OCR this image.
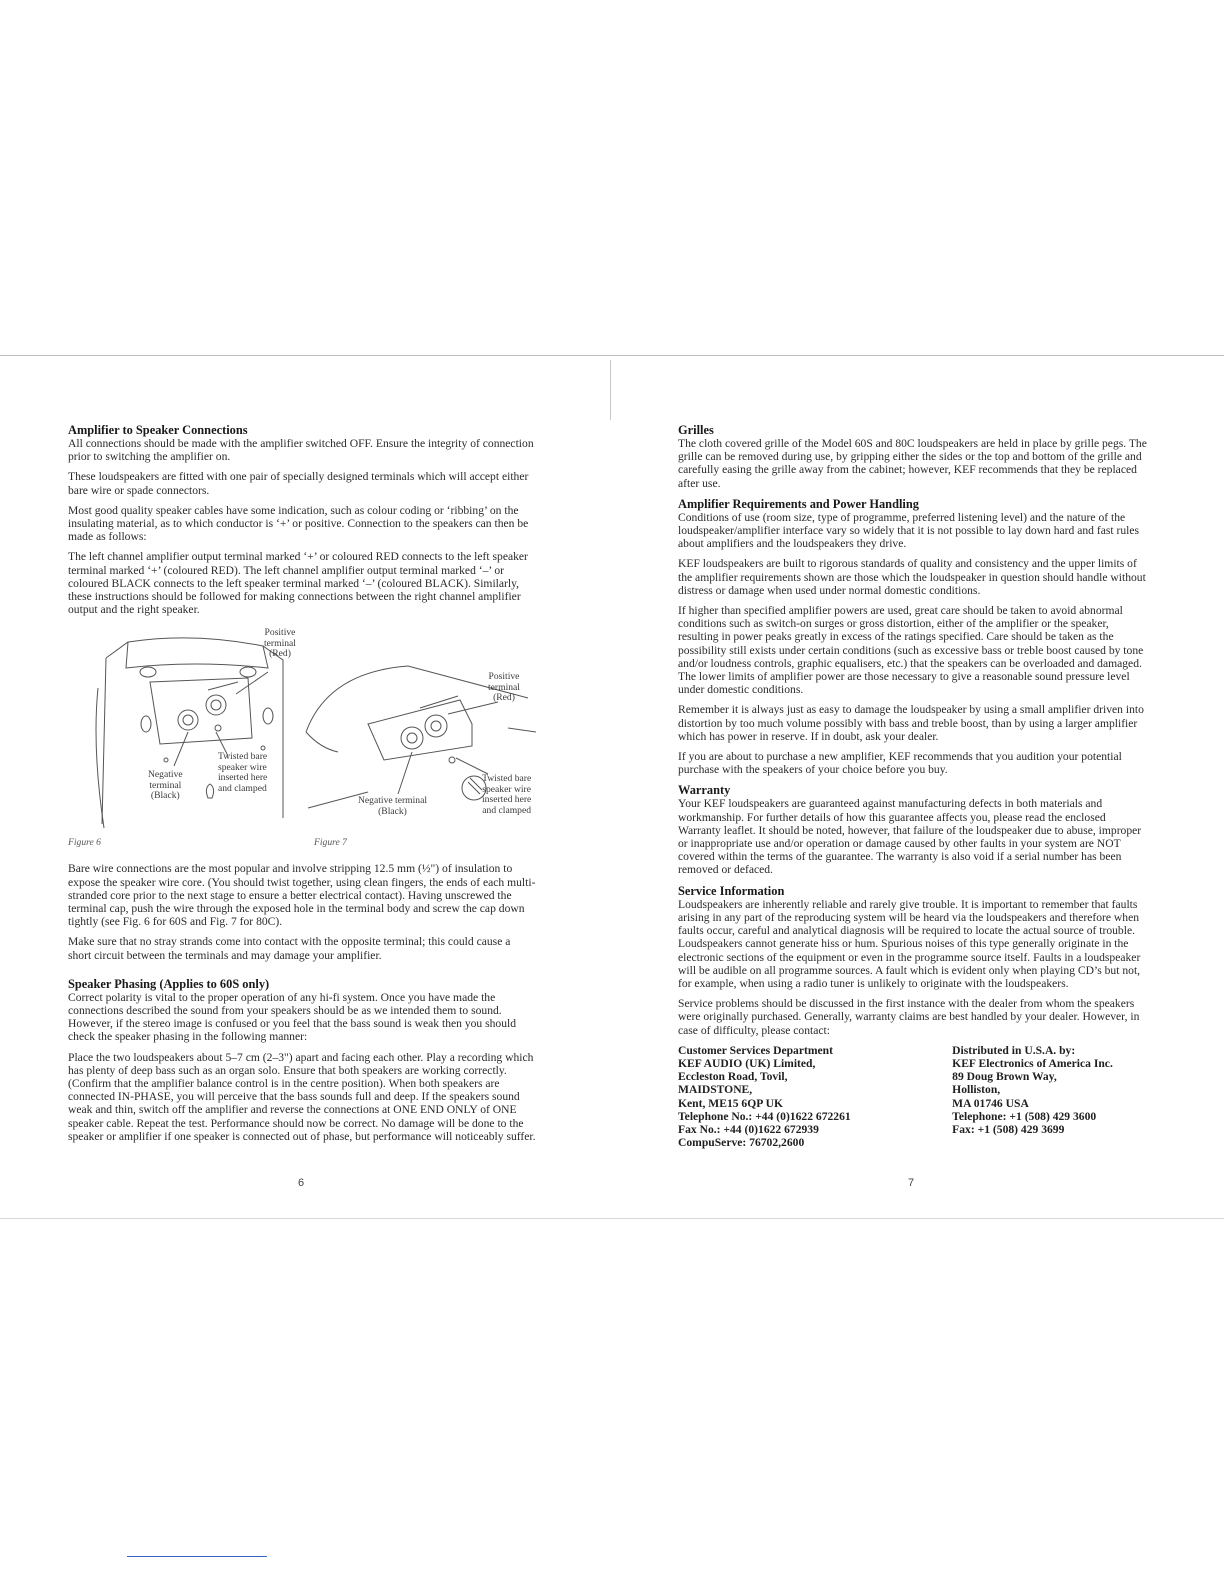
Amplifier to Speaker Connections

All connections should be made with the amplifier switched OFF. Ensure the integrity of connection prior to switching the amplifier on.

These loudspeakers are fitted with one pair of specially designed terminals which will accept either bare wire or spade connectors.

Most good quality speaker cables have some indication, such as colour coding or ‘ribbing’ on the insulating material, as to which conductor is ‘+’ or positive. Connection to the speakers can then be made as follows:

The left channel amplifier output terminal marked ‘+’ or coloured RED connects to the left speaker terminal marked ‘+’ (coloured RED). The left channel amplifier output terminal marked ‘–’ or coloured BLACK connects to the left speaker terminal marked ‘–’ (coloured BLACK). Similarly, these instructions should be followed for making connections between the right channel amplifier output and the right speaker.

Positive
terminal
(Red)
Negative
terminal
(Black)
Twisted bare
speaker wire
inserted here
and clamped
Positive
terminal
(Red)
Negative terminal
(Black)
Twisted bare
speaker wire
inserted here
and clamped
Figure 6	Figure 7

Bare wire connections are the most popular and involve stripping 12.5 mm (½") of insulation to expose the speaker wire core. (You should twist together, using clean fingers, the ends of each multi-stranded core prior to the next stage to ensure a better electrical contact). Having unscrewed the terminal cap, push the wire through the exposed hole in the terminal body and screw the cap down tightly (see Fig. 6 for 60S and Fig. 7 for 80C).

Make sure that no stray strands come into contact with the opposite terminal; this could cause a short circuit between the terminals and may damage your amplifier.

Speaker Phasing (Applies to 60S only)

Correct polarity is vital to the proper operation of any hi-fi system. Once you have made the connections described the sound from your speakers should be as we intended them to sound. However, if the stereo image is confused or you feel that the bass sound is weak then you should check the speaker phasing in the following manner:

Place the two loudspeakers about 5–7 cm (2–3") apart and facing each other. Play a recording which has plenty of deep bass such as an organ solo. Ensure that both speakers are working correctly. (Confirm that the amplifier balance control is in the centre position). When both speakers are connected IN-PHASE, you will perceive that the bass sounds full and deep. If the speakers sound weak and thin, switch off the amplifier and reverse the connections at ONE END ONLY of ONE speaker cable. Repeat the test. Performance should now be correct. No damage will be done to the speaker or amplifier if one speaker is connected out of phase, but performance will noticeably suffer.

6
Grilles

The cloth covered grille of the Model 60S and 80C loudspeakers are held in place by grille pegs. The grille can be removed during use, by gripping either the sides or the top and bottom of the grille and carefully easing the grille away from the cabinet; however, KEF recommends that they be replaced after use.

Amplifier Requirements and Power Handling

Conditions of use (room size, type of programme, preferred listening level) and the nature of the loudspeaker/amplifier interface vary so widely that it is not possible to lay down hard and fast rules about amplifiers and the loudspeakers they drive.

KEF loudspeakers are built to rigorous standards of quality and consistency and the upper limits of the amplifier requirements shown are those which the loudspeaker in question should handle without distress or damage when used under normal domestic conditions.

If higher than specified amplifier powers are used, great care should be taken to avoid abnormal conditions such as switch-on surges or gross distortion, either of the amplifier or the speaker, resulting in power peaks greatly in excess of the ratings specified. Care should be taken as the possibility still exists under certain conditions (such as excessive bass or treble boost caused by tone and/or loudness controls, graphic equalisers, etc.) that the speakers can be overloaded and damaged. The lower limits of amplifier power are those necessary to give a reasonable sound pressure level under domestic conditions.

Remember it is always just as easy to damage the loudspeaker by using a small amplifier driven into distortion by too much volume possibly with bass and treble boost, than by using a larger amplifier which has power in reserve. If in doubt, ask your dealer.

If you are about to purchase a new amplifier, KEF recommends that you audition your potential purchase with the speakers of your choice before you buy.

Warranty

Your KEF loudspeakers are guaranteed against manufacturing defects in both materials and workmanship. For further details of how this guarantee affects you, please read the enclosed Warranty leaflet. It should be noted, however, that failure of the loudspeaker due to abuse, improper or inappropriate use and/or operation or damage caused by other faults in your system are NOT covered within the terms of the guarantee. The warranty is also void if a serial number has been removed or defaced.

Service Information

Loudspeakers are inherently reliable and rarely give trouble. It is important to remember that faults arising in any part of the reproducing system will be heard via the loudspeakers and therefore when faults occur, careful and analytical diagnosis will be required to locate the actual source of trouble. Loudspeakers cannot generate hiss or hum. Spurious noises of this type generally originate in the electronic sections of the equipment or even in the programme source itself. Faults in a loudspeaker will be audible on all programme sources. A fault which is evident only when playing CD’s but not, for example, when using a radio tuner is unlikely to originate with the loudspeakers.

Service problems should be discussed in the first instance with the dealer from whom the speakers were originally purchased. Generally, warranty claims are best handled by your dealer. However, in case of difficulty, please contact:

Customer Services Department
KEF AUDIO (UK) Limited,
Eccleston Road, Tovil,
MAIDSTONE,
Kent, ME15 6QP UK
Telephone No.: +44 (0)1622 672261
Fax No.: +44 (0)1622 672939
CompuServe: 76702,2600
Distributed in U.S.A. by:
KEF Electronics of America Inc.
89 Doug Brown Way,
Holliston,
MA 01746 USA
Telephone: +1 (508) 429 3600
Fax: +1 (508) 429 3699
7
